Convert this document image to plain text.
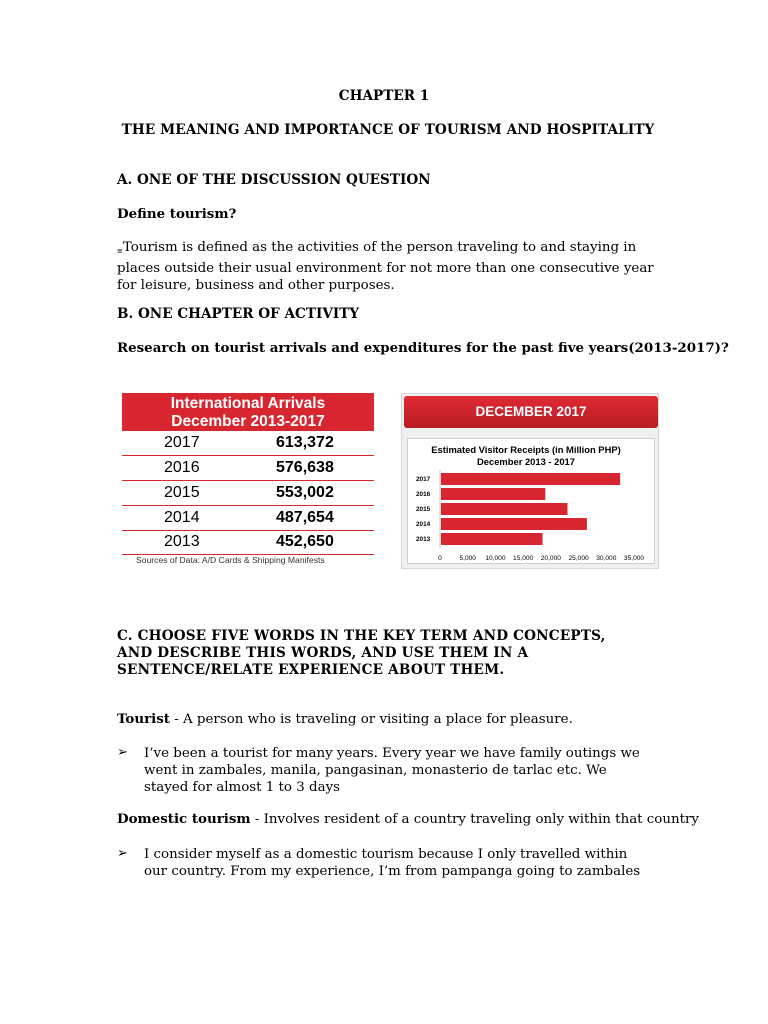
CHAPTER 1
THE MEANING AND IMPORTANCE OF TOURISM AND HOSPITALITY
A. ONE OF THE DISCUSSION QUESTION
Define tourism?
≡Tourism is defined as the activities of the person traveling to and staying in places outside their usual environment for not more than one consecutive year for leisure, business and other purposes.
B. ONE CHAPTER OF ACTIVITY
Research on tourist arrivals and expenditures for the past five years(2013-2017)?
International Arrivals
December 2013-2017
2017	613,372
2016	576,638
2015	553,002
2014	487,654
2013	452,650
Sources of Data: A/D Cards & Shipping Manifests
DECEMBER 2017
Estimated Visitor Receipts (in Million PHP)
December 2013 - 2017
2017
2016
2015
2014
2013
0	5,000 10,000 15,000 20,000 25,000 30,000 35,000
C. CHOOSE FIVE WORDS IN THE KEY TERM AND CONCEPTS, AND DESCRIBE THIS WORDS, AND USE THEM IN A SENTENCE/RELATE EXPERIENCE ABOUT THEM.
Tourist - A person who is traveling or visiting a place for pleasure.
➢ I’ve been a tourist for many years. Every year we have family outings we went in zambales, manila, pangasinan, monasterio de tarlac etc. We stayed for almost 1 to 3 days
Domestic tourism - Involves resident of a country traveling only within that country
➢ I consider myself as a domestic tourism because I only travelled within our country. From my experience, I’m from pampanga going to zambales
